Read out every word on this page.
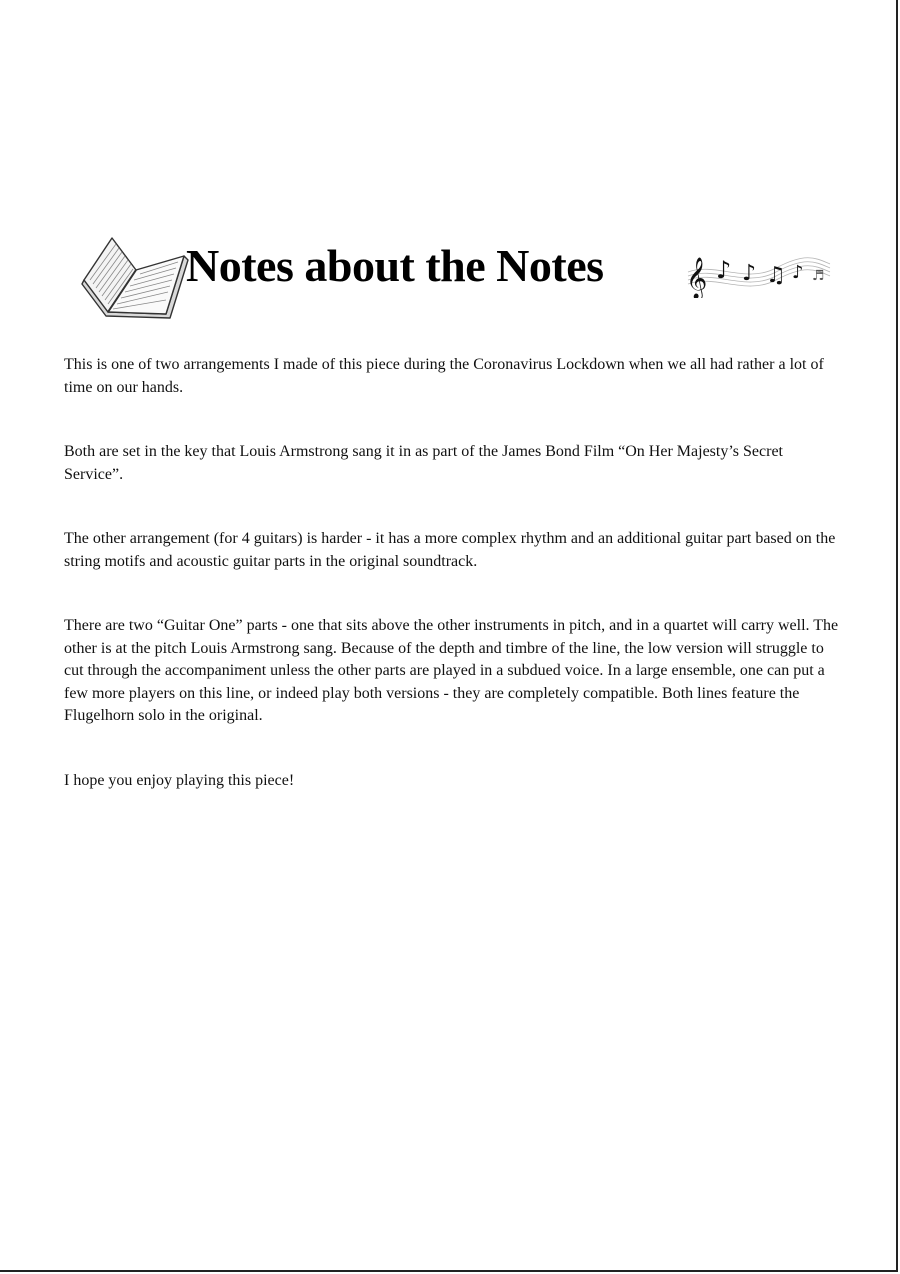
Notes about the Notes 𝄞 ♪ ♪ ♫ ♪ ♬

This is one of two arrangements I made of this piece during the Coronavirus Lockdown when we all had rather a lot of time on our hands.

Both are set in the key that Louis Armstrong sang it in as part of the James Bond Film “On Her Majesty’s Secret Service”.

The other arrangement (for 4 guitars) is harder - it has a more complex rhythm and an additional guitar part based on the string motifs and acoustic guitar parts in the original soundtrack.

There are two “Guitar One” parts - one that sits above the other instruments in pitch, and in a quartet will carry well. The other is at the pitch Louis Armstrong sang. Because of the depth and timbre of the line, the low version will struggle to cut through the accompaniment unless the other parts are played in a subdued voice. In a large ensemble, one can put a few more players on this line, or indeed play both versions - they are completely compatible. Both lines feature the Flugelhorn solo in the original.

I hope you enjoy playing this piece!
